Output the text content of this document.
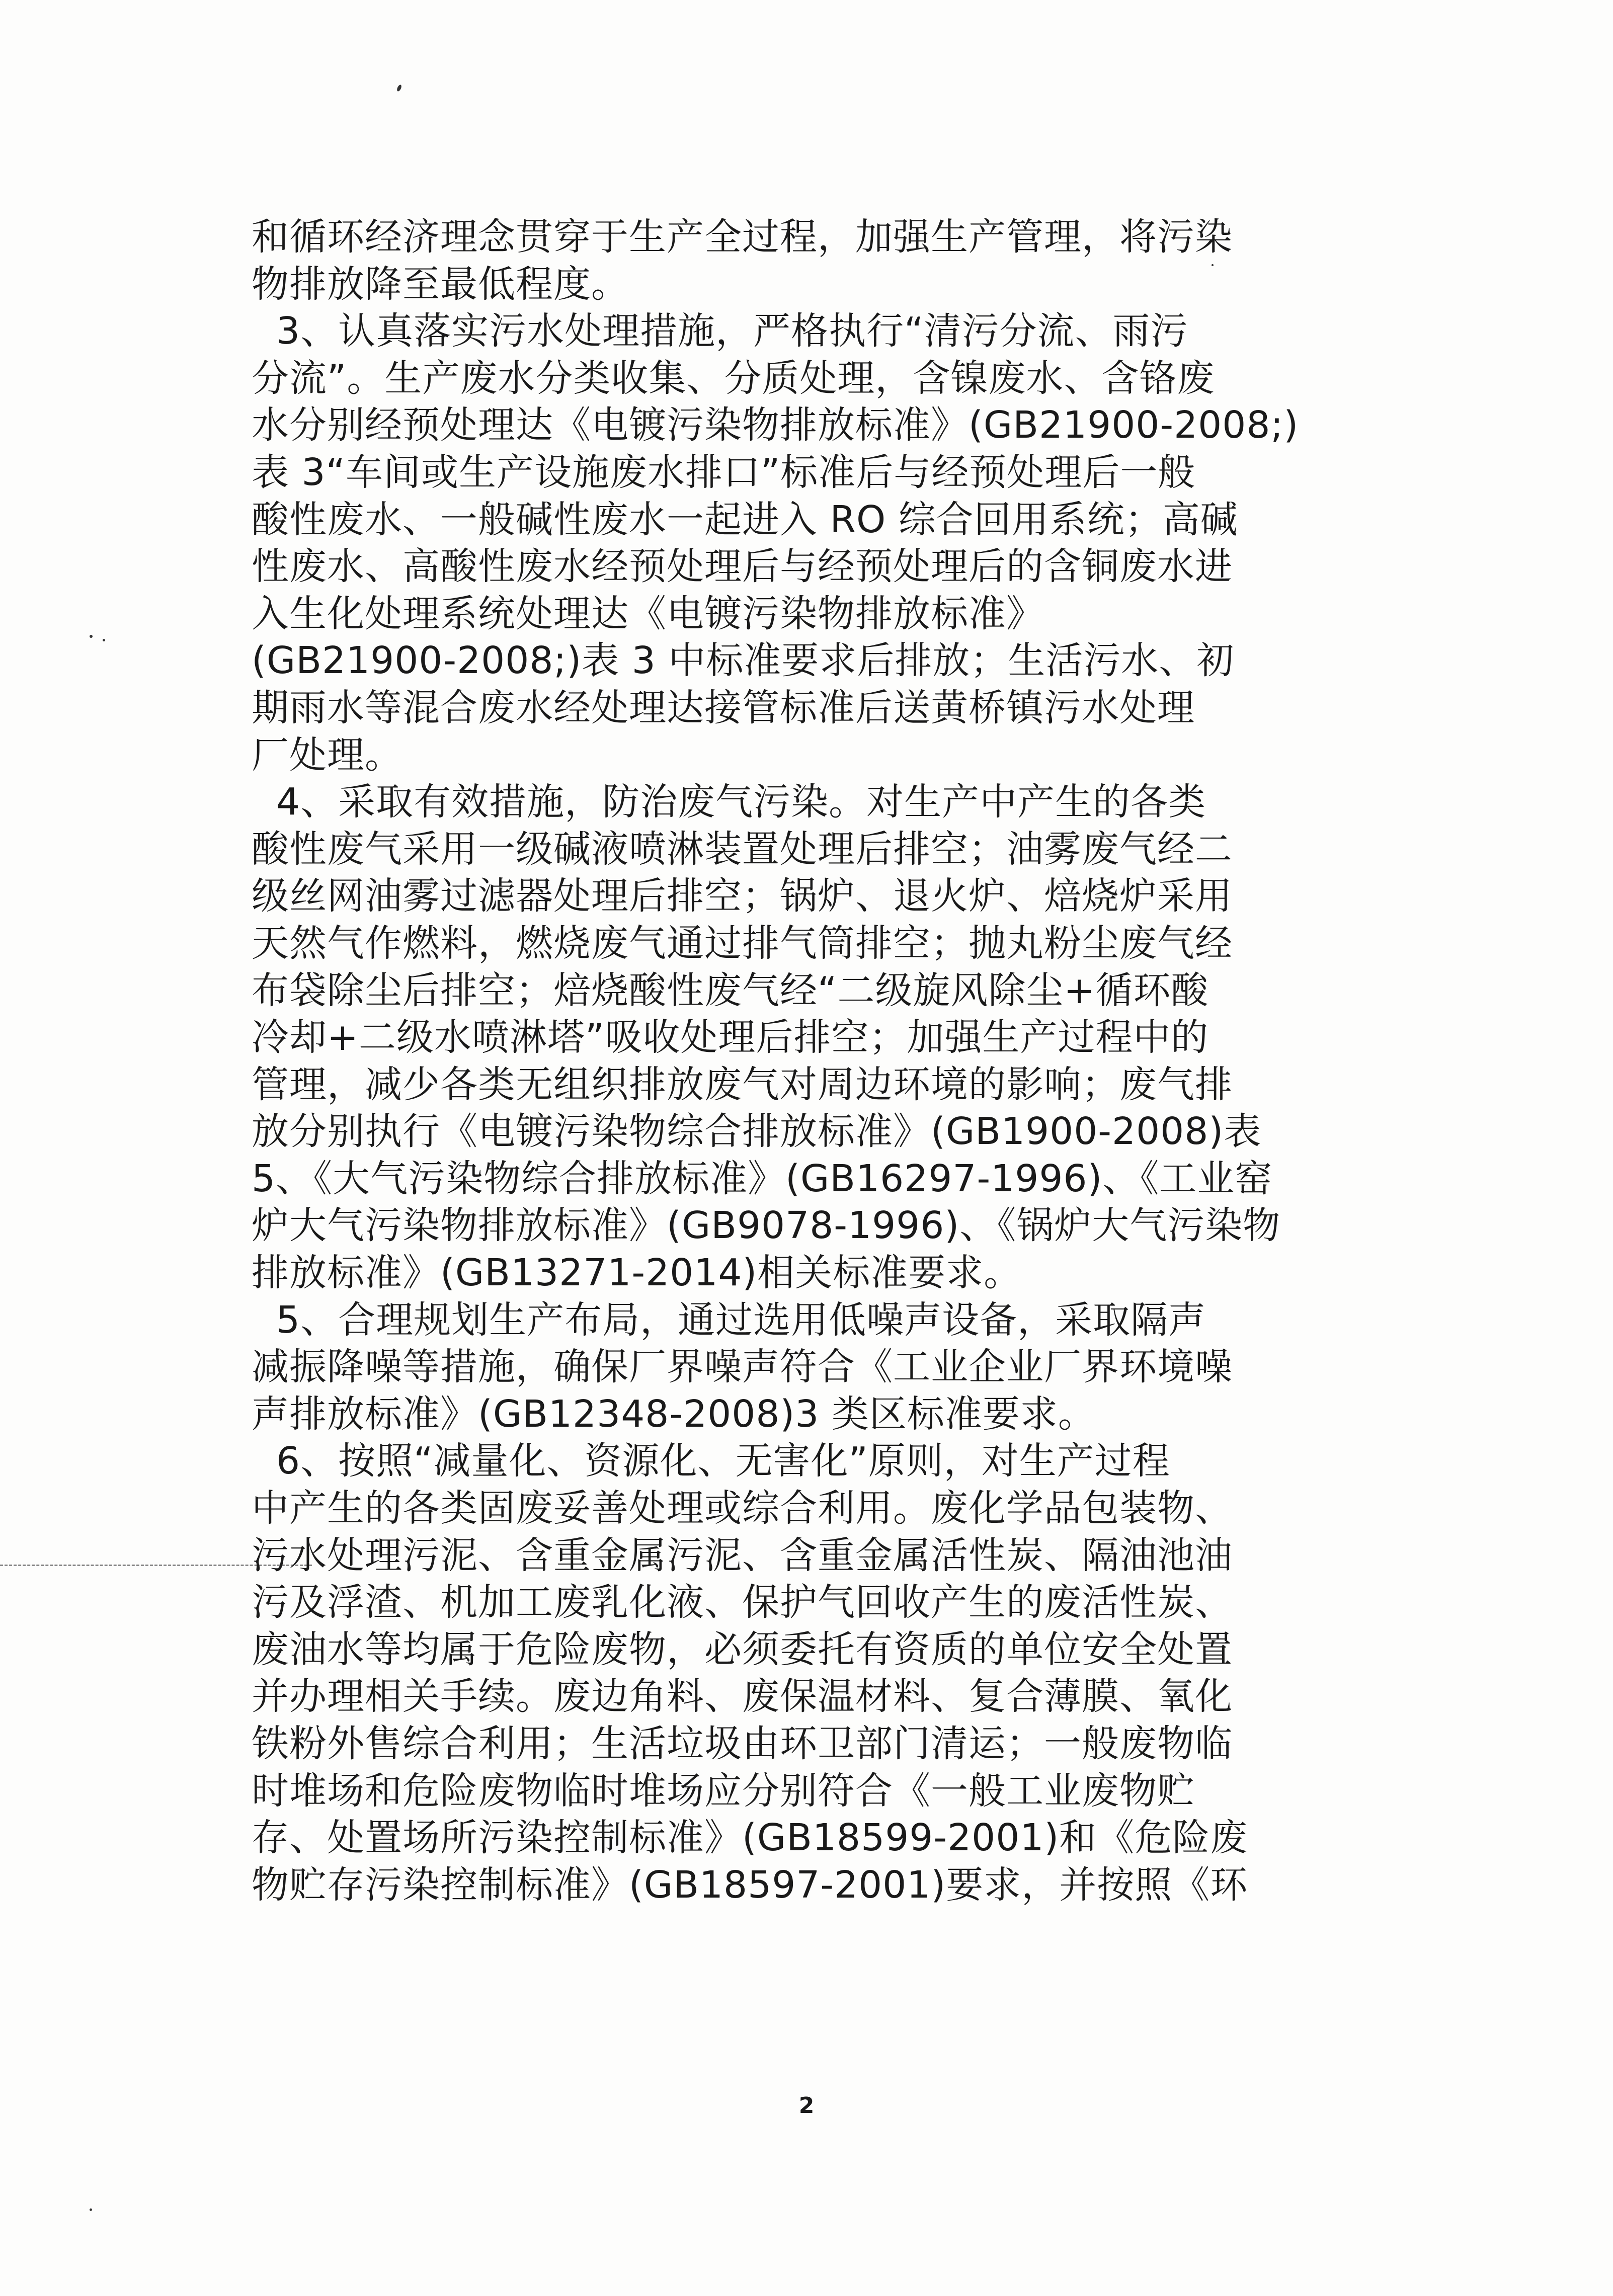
和循环经济理念贯穿于生产全过程，加强生产管理，将污染
物排放降至最低程度。
3、认真落实污水处理措施，严格执行“清污分流、雨污
分流”。生产废水分类收集、分质处理，含镍废水、含铬废
水分别经预处理达《电镀污染物排放标准》(GB21900-2008;)
表 3“车间或生产设施废水排口”标准后与经预处理后一般
酸性废水、一般碱性废水一起进入 RO 综合回用系统；高碱
性废水、高酸性废水经预处理后与经预处理后的含铜废水进
入生化处理系统处理达《电镀污染物排放标准》
(GB21900-2008;)表 3 中标准要求后排放；生活污水、初
期雨水等混合废水经处理达接管标准后送黄桥镇污水处理
厂处理。
4、采取有效措施，防治废气污染。对生产中产生的各类
酸性废气采用一级碱液喷淋装置处理后排空；油雾废气经二
级丝网油雾过滤器处理后排空；锅炉、退火炉、焙烧炉采用
天然气作燃料，燃烧废气通过排气筒排空；抛丸粉尘废气经
布袋除尘后排空；焙烧酸性废气经“二级旋风除尘+循环酸
冷却+二级水喷淋塔”吸收处理后排空；加强生产过程中的
管理，减少各类无组织排放废气对周边环境的影响；废气排
放分别执行《电镀污染物综合排放标准》(GB1900-2008)表
5、《大气污染物综合排放标准》(GB16297-1996)、《工业窑
炉大气污染物排放标准》(GB9078-1996)、《锅炉大气污染物
排放标准》(GB13271-2014)相关标准要求。
5、合理规划生产布局，通过选用低噪声设备，采取隔声
减振降噪等措施，确保厂界噪声符合《工业企业厂界环境噪
声排放标准》(GB12348-2008)3 类区标准要求。
6、按照“减量化、资源化、无害化”原则，对生产过程
中产生的各类固废妥善处理或综合利用。废化学品包装物、
污水处理污泥、含重金属污泥、含重金属活性炭、隔油池油
污及浮渣、机加工废乳化液、保护气回收产生的废活性炭、
废油水等均属于危险废物，必须委托有资质的单位安全处置
并办理相关手续。废边角料、废保温材料、复合薄膜、氧化
铁粉外售综合利用；生活垃圾由环卫部门清运；一般废物临
时堆场和危险废物临时堆场应分别符合《一般工业废物贮
存、处置场所污染控制标准》(GB18599-2001)和《危险废
物贮存污染控制标准》(GB18597-2001)要求，并按照《环
2
